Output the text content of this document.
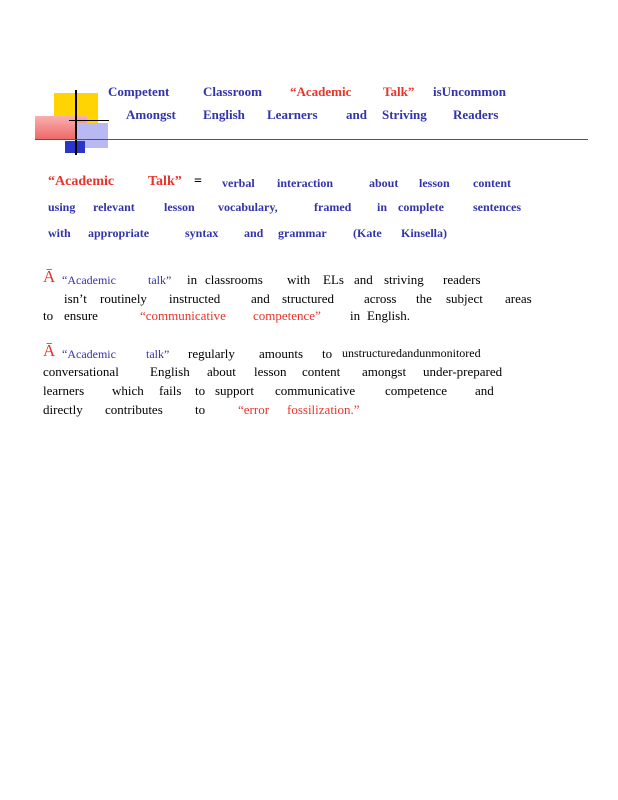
Competent	Classroom “Academic Talk” isUncommon
Amongst English Learners and Striving Readers
“Academic Talk” = verbal interaction	about lesson content
using relevant lesson vocabulary,	framed in complete sentences
with appropriate	syntax and grammar (Kate Kinsella)
Ā “Academic	talk” in classrooms with ELs and striving readers
isn’t routinely instructed and structured across the subject areas
to ensure	“communicative competence” in English.
Ā “Academic	talk” regularly amounts to unstructuredandunmonitored
conversational English about lesson content amongst under-prepared
learners which fails to support communicative competence and
directly contributes to	“error fossilization.”
